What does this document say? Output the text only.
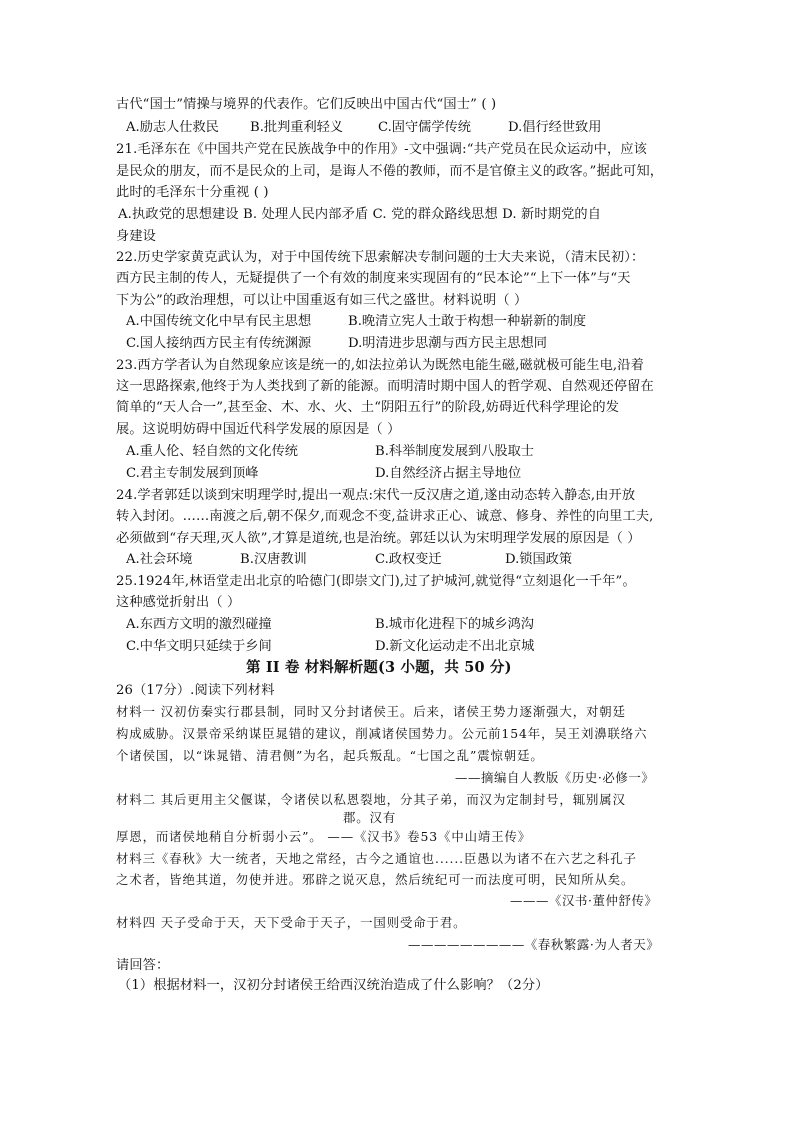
古代“国士”情操与境界的代表作。它们反映出中国古代“国士” ( )
A.励志人仕救民 B.批判重利轻义	C.固守儒学传统	D.倡行经世致用
21.毛泽东在《中国共产党在民族战争中的作用》-文中强调:“共产党员在民众运动中，应该
是民众的朋友，而不是民众的上司，是诲人不倦的教师，而不是官僚主义的政客。”据此可知，
此时的毛泽东十分重视 ( )
A.执政党的思想建设 B. 处理人民内部矛盾 C. 党的群众路线思想 D. 新时期党的自
身建设
22.历史学家黄克武认为，对于中国传统下思索解决专制问题的士大夫来说，（清末民初）：
西方民主制的传人，无疑提供了一个有效的制度来实现固有的“民本论”“上下一体”与“天
下为公”的政治理想，可以让中国重返有如三代之盛世。材料说明（ ）
A.中国传统文化中早有民主思想	B.晚清立宪人士敢于构想一种崭新的制度
C.国人接纳西方民主有传统渊源	D.明清进步思潮与西方民主思想同
23.西方学者认为自然现象应该是统一的,如法拉弟认为既然电能生磁,磁就极可能生电,沿着
这一思路探索,他终于为人类找到了新的能源。而明清时期中国人的哲学观、自然观还停留在
简单的“天人合一”,甚至金、木、水、火、土“阴阳五行”的阶段,妨碍近代科学理论的发
展。这说明妨碍中国近代科学发展的原因是（ ）
A.重人伦、轻自然的文化传统	B.科举制度发展到八股取士
C.君主专制发展到顶峰	D.自然经济占据主导地位
24.学者郭廷以谈到宋明理学时,提出一观点:宋代一反汉唐之道,遂由动态转入静态,由开放
转入封闭。……南渡之后,朝不保夕,而观念不变,益讲求正心、诚意、修身、养性的向里工夫,
必须做到“存天理,灭人欲”,才算是道统,也是治统。郭廷以认为宋明理学发展的原因是（ ）
A.社会环境	B.汉唐教训	C.政权变迁	D.锁国政策
25.1924年,林语堂走出北京的哈德门(即崇文门),过了护城河,就觉得“立刻退化一千年”。
这种感觉折射出（ ）
A.东西方文明的激烈碰撞	B.城市化进程下的城乡鸿沟
C.中华文明只延续于乡间	D.新文化运动走不出北京城
第 II 卷 材料解析题(3 小题，共 50 分)
26（17分）.阅读下列材料
材料一 汉初仿秦实行郡县制，同时又分封诸侯王。后来，诸侯王势力逐渐强大，对朝廷
构成威胁。汉景帝采纳谋臣晁错的建议，削减诸侯国势力。公元前154年，吴王刘濞联络六
个诸侯国，以“诛晁错、清君侧”为名，起兵叛乱。“七国之乱”震惊朝廷。
——摘编自人教版《历史·必修一》
材料二 其后更用主父偃谋，令诸侯以私恩裂地，分其子弟，而汉为定制封号，辄别属汉
郡。汉有
厚恩，而诸侯地稍自分析弱小云”。 ——《汉书》卷53《中山靖王传》
材料三《春秋》大一统者，天地之常经，古今之通谊也......臣愚以为诸不在六艺之科孔子
之术者，皆绝其道，勿使并进。邪辟之说灭息，然后统纪可一而法度可明，民知所从矣。
———《汉书·董仲舒传》
材料四 天子受命于天，天下受命于天子，一国则受命于君。
—————————《春秋繁露·为人者天》
请回答：
（1）根据材料一，汉初分封诸侯王给西汉统治造成了什么影响？（2分）
